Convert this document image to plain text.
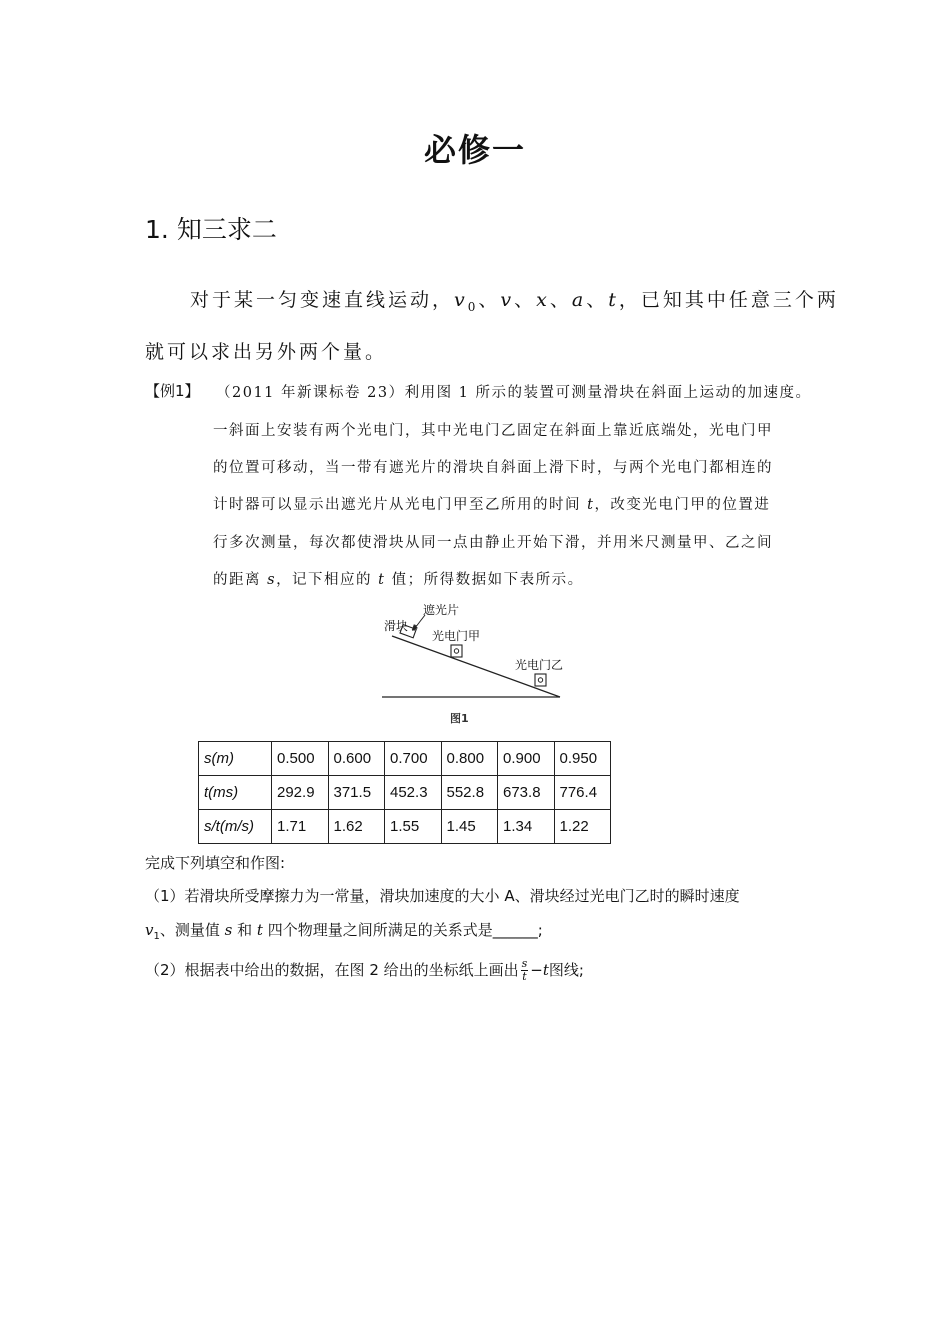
必修一
1. 知三求二
对于某一匀变速直线运动，$v_0$、v、x、a、t，已知其中任意三个两
就可以求出另外两个量。
【例1】 （2011 年新课标卷 23）利用图 1 所示的装置可测量滑块在斜面上运动的加速度。
一斜面上安装有两个光电门，其中光电门乙固定在斜面上靠近底端处，光电门甲
的位置可移动，当一带有遮光片的滑块自斜面上滑下时，与两个光电门都相连的
计时器可以显示出遮光片从光电门甲至乙所用的时间 t，改变光电门甲的位置进
行多次测量，每次都使滑块从同一点由静止开始下滑，并用米尺测量甲、乙之间
的距离 s，记下相应的 t 值；所得数据如下表所示。
滑块
遮光片
光电门甲
光电门乙
图1
s(m)	0.500	0.600	0.700	0.800	0.900	0.950
t(ms)	292.9	371.5	452.3	552.8	673.8	776.4
s/t(m/s)	1.71	1.62	1.55	1.45	1.34	1.22
完成下列填空和作图:
（1）若滑块所受摩擦力为一常量，滑块加速度的大小 A、滑块经过光电门乙时的瞬时速度
$v_1$、测量值 s 和 t 四个物理量之间所满足的关系式是______;
（2）根据表中给出的数据，在图 2 给出的坐标纸上画出 $\frac{s}{t} -t$图线;
